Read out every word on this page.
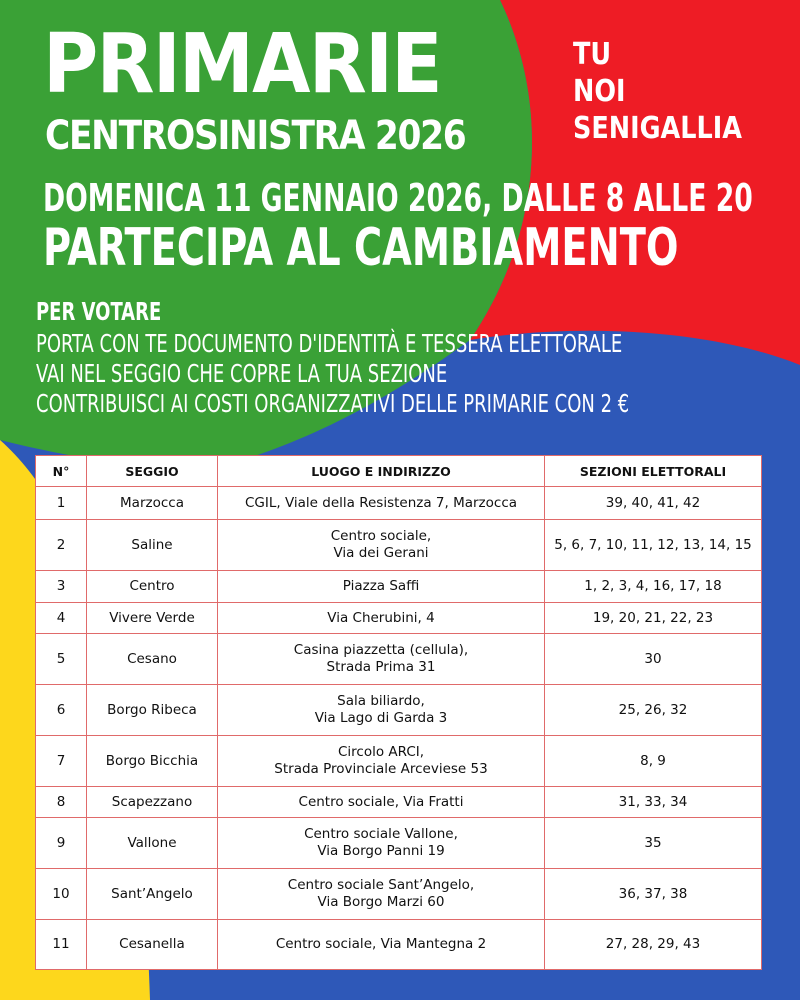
PRIMARIE
CENTROSINISTRA 2026
TU
NOI
SENIGALLIA
DOMENICA 11 GENNAIO 2026, DALLE 8 ALLE 20
PARTECIPA AL CAMBIAMENTO
PER VOTARE
PORTA CON TE DOCUMENTO D'IDENTITÀ E TESSERA ELETTORALE
VAI NEL SEGGIO CHE COPRE LA TUA SEZIONE
CONTRIBUISCI AI COSTI ORGANIZZATIVI DELLE PRIMARIE CON 2 €
N°	SEGGIO	LUOGO E INDIRIZZO	SEZIONI ELETTORALI
1	Marzocca	CGIL, Viale della Resistenza 7, Marzocca	39, 40, 41, 42
2	Saline	Centro sociale,
Via dei Gerani	5, 6, 7, 10, 11, 12, 13, 14, 15
3	Centro	Piazza Saffi	1, 2, 3, 4, 16, 17, 18
4	Vivere Verde	Via Cherubini, 4	19, 20, 21, 22, 23
5	Cesano	Casina piazzetta (cellula),
Strada Prima 31	30
6	Borgo Ribeca	Sala biliardo,
Via Lago di Garda 3	25, 26, 32
7	Borgo Bicchia	Circolo ARCI,
Strada Provinciale Arceviese 53	8, 9
8	Scapezzano	Centro sociale, Via Fratti	31, 33, 34
9	Vallone	Centro sociale Vallone,
Via Borgo Panni 19	35
10	Sant’Angelo	Centro sociale Sant’Angelo,
Via Borgo Marzi 60	36, 37, 38
11	Cesanella	Centro sociale, Via Mantegna 2	27, 28, 29, 43
